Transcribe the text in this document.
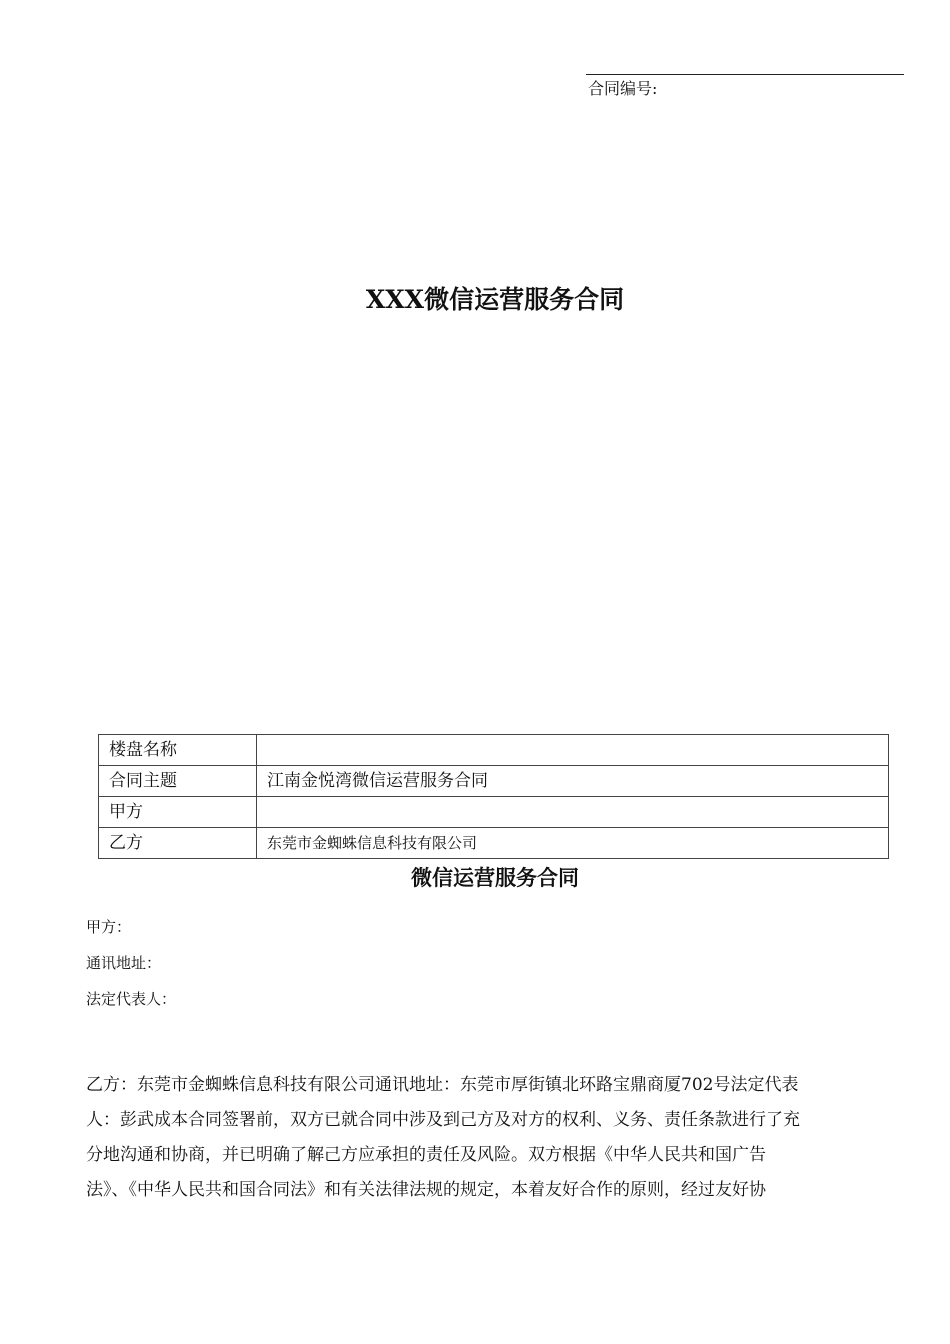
合同编号:
XXX微信运营服务合同
楼盘名称	
合同主题	江南金悦湾微信运营服务合同
甲方	
乙方	东莞市金蜘蛛信息科技有限公司
微信运营服务合同
甲方：
通讯地址：
法定代表人：
乙方：东莞市金蜘蛛信息科技有限公司通讯地址：东莞市厚街镇北环路宝鼎商厦702号法定代表
人：彭武成本合同签署前，双方已就合同中涉及到己方及对方的权利、义务、责任条款进行了充
分地沟通和协商，并已明确了解己方应承担的责任及风险。双方根据《中华人民共和国广告
法》、《中华人民共和国合同法》和有关法律法规的规定，本着友好合作的原则，经过友好协
